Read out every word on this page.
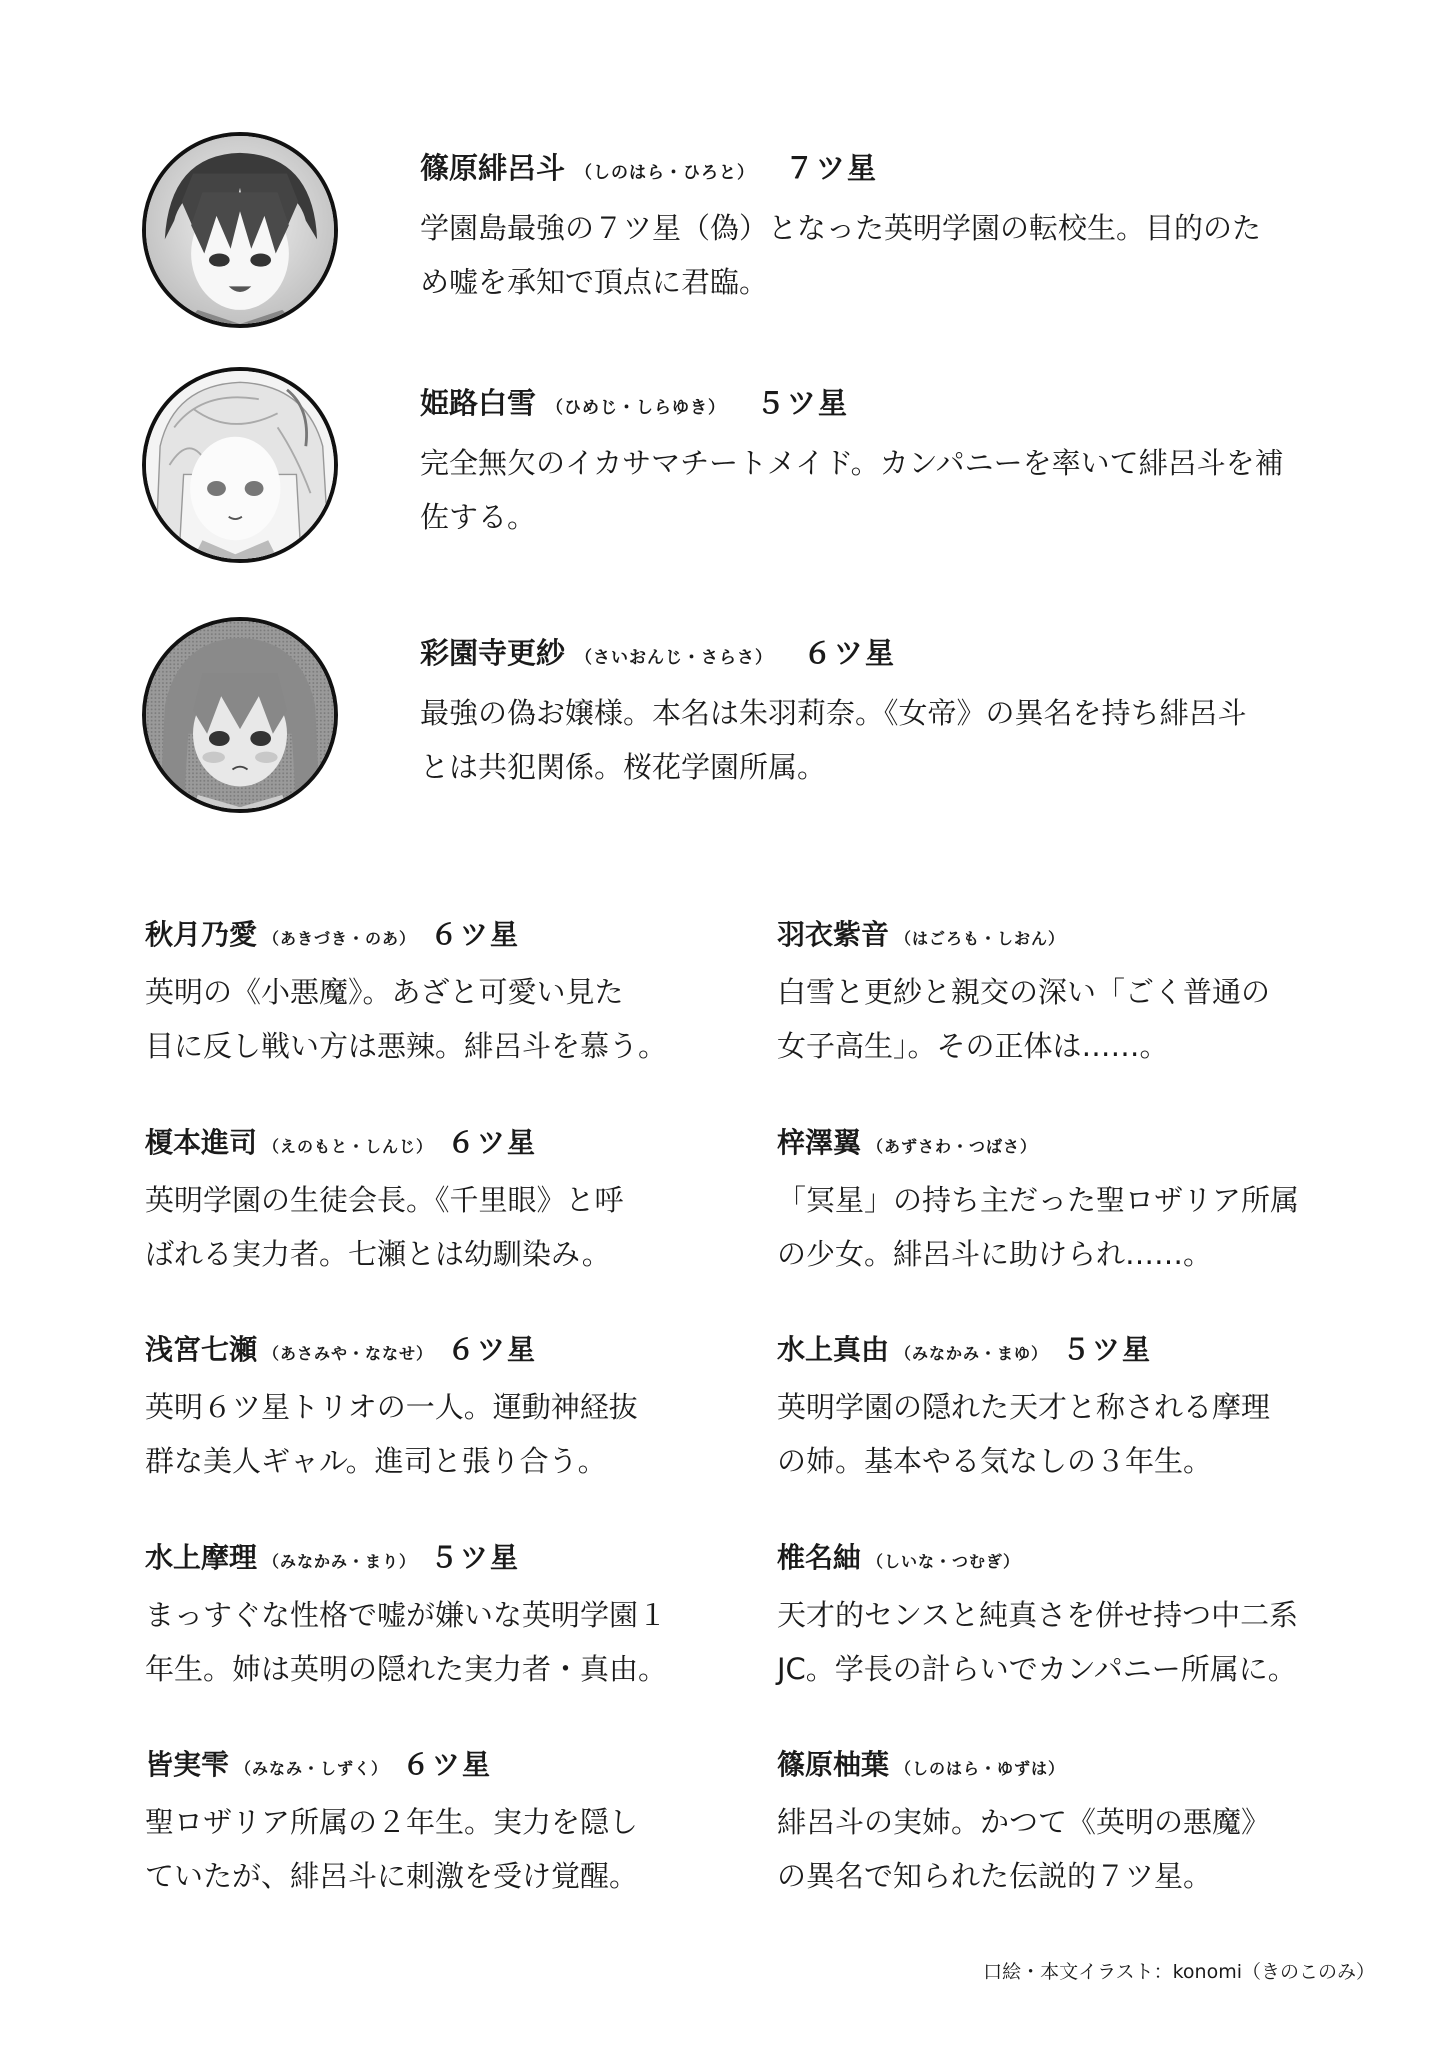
篠原緋呂斗 （しのはら・ひろと） ７ツ星
学園島最強の７ツ星（偽）となった英明学園の転校生。目的のた
め嘘を承知で頂点に君臨。
姫路白雪 （ひめじ・しらゆき） ５ツ星
完全無欠のイカサマチートメイド。カンパニーを率いて緋呂斗を補
佐する。
彩園寺更紗 （さいおんじ・さらさ） ６ツ星
最強の偽お嬢様。本名は朱羽莉奈。《女帝》の異名を持ち緋呂斗
とは共犯関係。桜花学園所属。
秋月乃愛 （あきづき・のあ） ６ツ星
英明の《小悪魔》。あざと可愛い見た
目に反し戦い方は悪辣。緋呂斗を慕う。
羽衣紫音 （はごろも・しおん）
白雪と更紗と親交の深い「ごく普通の
女子高生」。その正体は……。
榎本進司 （えのもと・しんじ） ６ツ星
英明学園の生徒会長。《千里眼》と呼
ばれる実力者。七瀬とは幼馴染み。
梓澤翼 （あずさわ・つばさ）
「冥星」の持ち主だった聖ロザリア所属
の少女。緋呂斗に助けられ……。
浅宮七瀬 （あさみや・ななせ） ６ツ星
英明６ツ星トリオの一人。運動神経抜
群な美人ギャル。進司と張り合う。
水上真由 （みなかみ・まゆ） ５ツ星
英明学園の隠れた天才と称される摩理
の姉。基本やる気なしの３年生。
水上摩理 （みなかみ・まり） ５ツ星
まっすぐな性格で嘘が嫌いな英明学園１
年生。姉は英明の隠れた実力者・真由。
椎名紬 （しいな・つむぎ）
天才的センスと純真さを併せ持つ中二系
JC。学長の計らいでカンパニー所属に。
皆実雫 （みなみ・しずく） ６ツ星
聖ロザリア所属の２年生。実力を隠し
ていたが、緋呂斗に刺激を受け覚醒。
篠原柚葉 （しのはら・ゆずは）
緋呂斗の実姉。かつて《英明の悪魔》
の異名で知られた伝説的７ツ星。
口絵・本文イラスト：konomi（きのこのみ）
